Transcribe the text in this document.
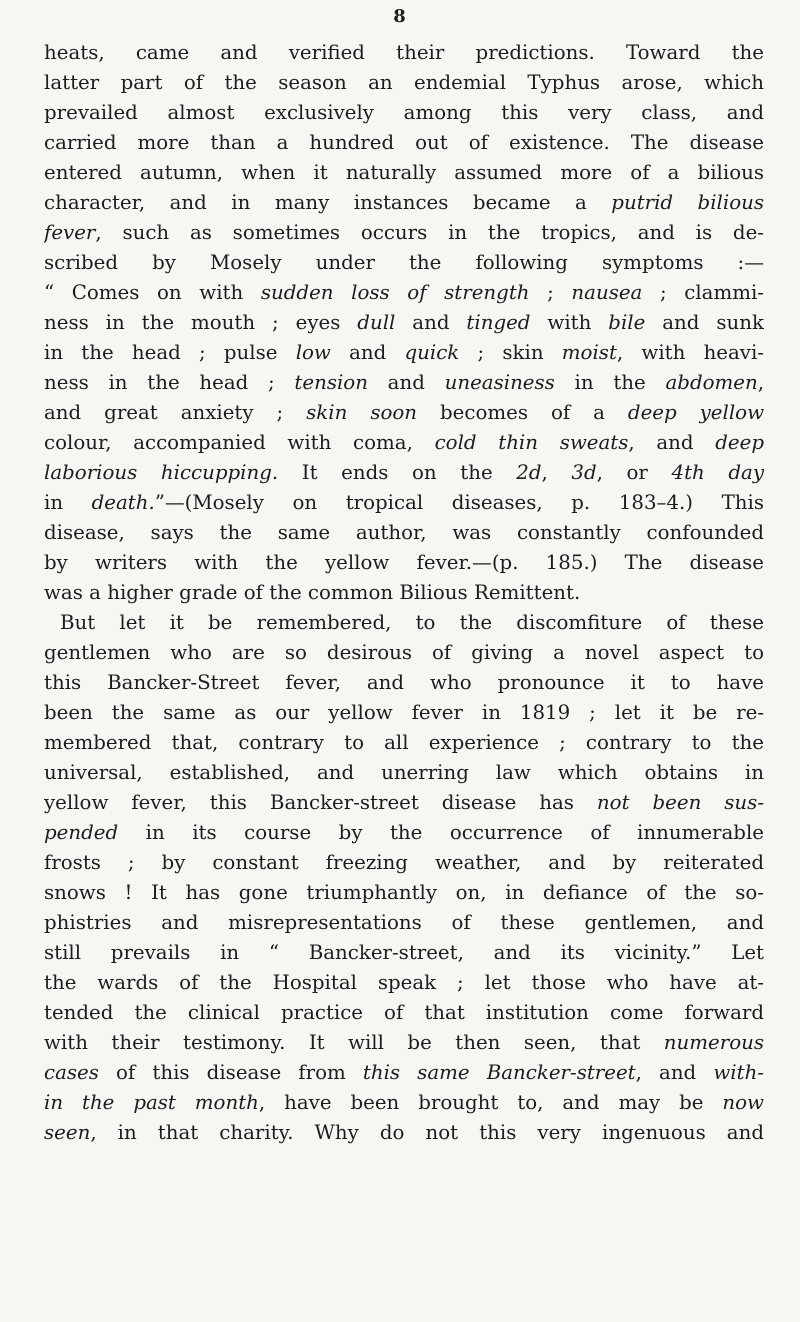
8
heats, came and verified their predictions. Toward the
latter part of the season an endemial Typhus arose, which
prevailed almost exclusively among this very class, and
carried more than a hundred out of existence. The disease
entered autumn, when it naturally assumed more of a bilious
character, and in many instances became a putrid bilious
fever, such as sometimes occurs in the tropics, and is de-
scribed by Mosely under the following symptoms :—
“ Comes on with sudden loss of strength ; nausea ; clammi-
ness in the mouth ; eyes dull and tinged with bile and sunk
in the head ; pulse low and quick ; skin moist, with heavi-
ness in the head ; tension and uneasiness in the abdomen,
and great anxiety ; skin soon becomes of a deep yellow
colour, accompanied with coma, cold thin sweats, and deep
laborious hiccupping. It ends on the 2d, 3d, or 4th day
in death.”—(Mosely on tropical diseases, p. 183–4.) This
disease, says the same author, was constantly confounded
by writers with the yellow fever.—(p. 185.) The disease
was a higher grade of the common Bilious Remittent.
But let it be remembered, to the discomfiture of these
gentlemen who are so desirous of giving a novel aspect to
this Bancker-Street fever, and who pronounce it to have
been the same as our yellow fever in 1819 ; let it be re-
membered that, contrary to all experience ; contrary to the
universal, established, and unerring law which obtains in
yellow fever, this Bancker-street disease has not been sus-
pended in its course by the occurrence of innumerable
frosts ; by constant freezing weather, and by reiterated
snows ! It has gone triumphantly on, in defiance of the so-
phistries and misrepresentations of these gentlemen, and
still prevails in “ Bancker-street, and its vicinity.” Let
the wards of the Hospital speak ; let those who have at-
tended the clinical practice of that institution come forward
with their testimony. It will be then seen, that numerous
cases of this disease from this same Bancker-street, and with-
in the past month, have been brought to, and may be now
seen, in that charity. Why do not this very ingenuous and
